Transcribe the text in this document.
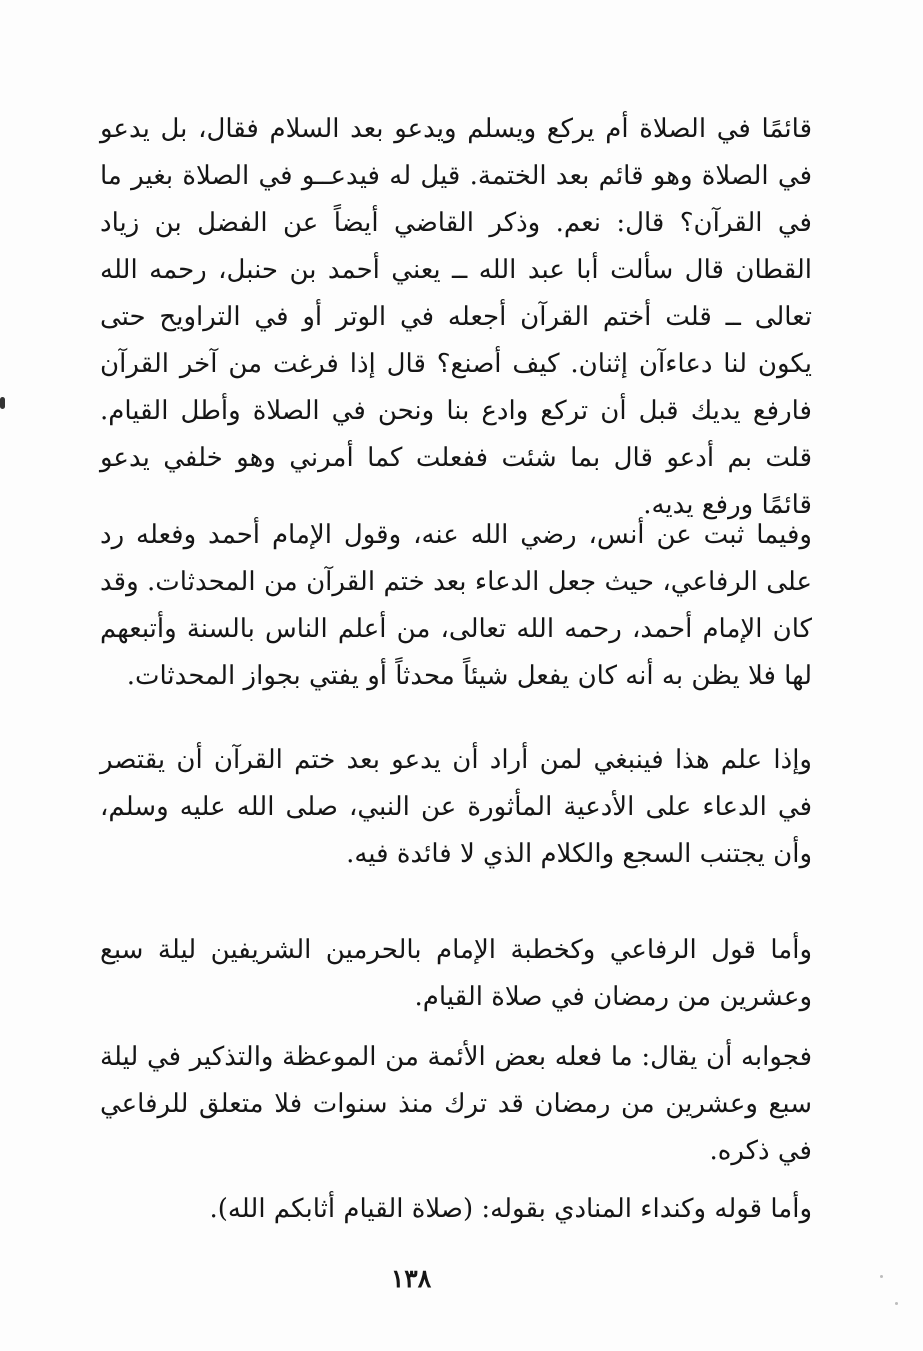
قائمًا في الصلاة أم يركع ويسلم ويدعو بعد السلام فقال، بل يدعو في الصلاة وهو قائم بعد الختمة. قيل له فيدعــو في الصلاة بغير ما في القرآن؟ قال: نعم. وذكر القاضي أيضاً عن الفضل بن زياد القطان قال سألت أبا عبد الله ــ يعني أحمد بن حنبل، رحمه الله تعالى ــ قلت أختم القرآن أجعله في الوتر أو في التراويح حتى يكون لنا دعاءآن إثنان. كيف أصنع؟ قال إذا فرغت من آخر القرآن فارفع يديك قبل أن تركع وادع بنا ونحن في الصلاة وأطل القيام. قلت بم أدعو قال بما شئت ففعلت كما أمرني وهو خلفي يدعو قائمًا ورفع يديه.

وفيما ثبت عن أنس، رضي الله عنه، وقول الإمام أحمد وفعله رد على الرفاعي، حيث جعل الدعاء بعد ختم القرآن من المحدثات. وقد كان الإمام أحمد، رحمه الله تعالى، من أعلم الناس بالسنة وأتبعهم لها فلا يظن به أنه كان يفعل شيئاً محدثاً أو يفتي بجواز المحدثات.

وإذا علم هذا فينبغي لمن أراد أن يدعو بعد ختم القرآن أن يقتصر في الدعاء على الأدعية المأثورة عن النبي، صلى الله عليه وسلم، وأن يجتنب السجع والكلام الذي لا فائدة فيه.

وأما قول الرفاعي وكخطبة الإمام بالحرمين الشريفين ليلة سبع وعشرين من رمضان في صلاة القيام.

فجوابه أن يقال: ما فعله بعض الأئمة من الموعظة والتذكير في ليلة سبع وعشرين من رمضان قد ترك منذ سنوات فلا متعلق للرفاعي في ذكره.

وأما قوله وكنداء المنادي بقوله: (صلاة القيام أثابكم الله).

١٣٨
